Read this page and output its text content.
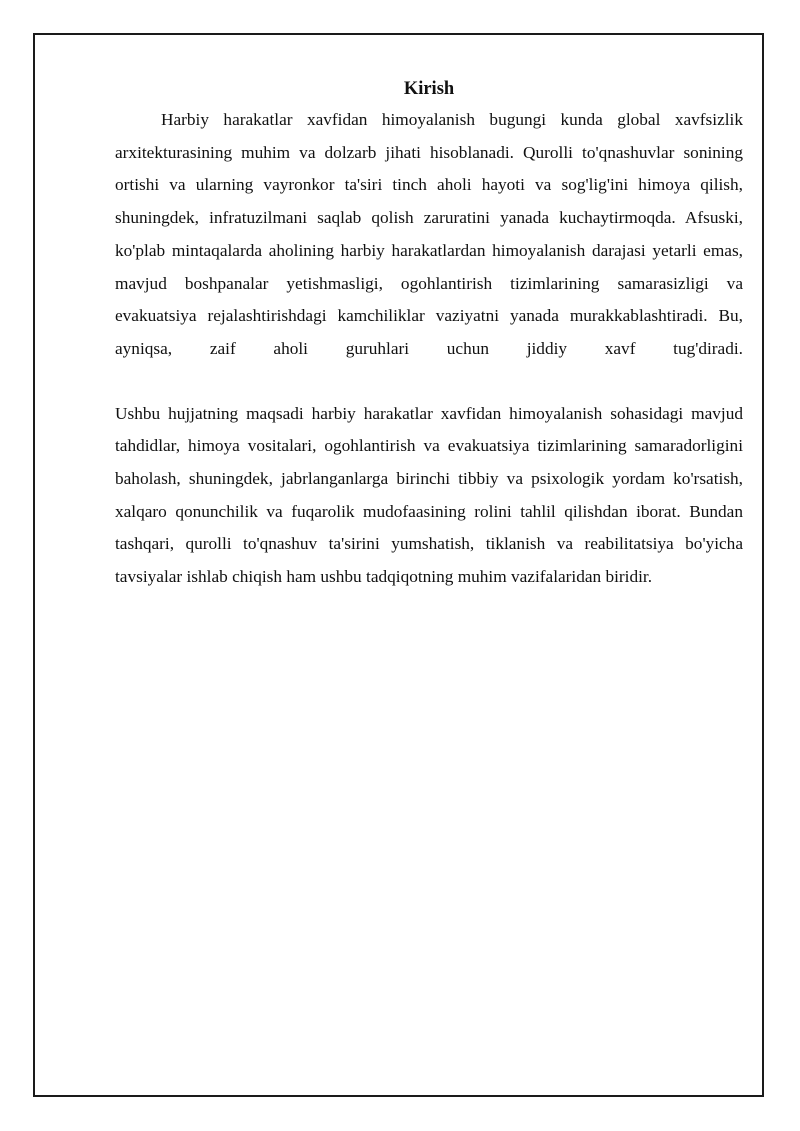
Kirish

Harbiy harakatlar xavfidan himoyalanish bugungi kunda global xavfsizlik arxitekturasining muhim va dolzarb jihati hisoblanadi. Qurolli to'qnashuvlar sonining ortishi va ularning vayronkor ta'siri tinch aholi hayoti va sog'lig'ini himoya qilish, shuningdek, infratuzilmani saqlab qolish zaruratini yanada kuchaytirmoqda. Afsuski, ko'plab mintaqalarda aholining harbiy harakatlardan himoyalanish darajasi yetarli emas, mavjud boshpanalar yetishmasligi, ogohlantirish tizimlarining samarasizligi va evakuatsiya rejalashtirishdagi kamchiliklar vaziyatni yanada murakkablashtiradi. Bu, ayniqsa, zaif aholi guruhlari uchun jiddiy xavf tug'diradi.

Ushbu hujjatning maqsadi harbiy harakatlar xavfidan himoyalanish sohasidagi mavjud tahdidlar, himoya vositalari, ogohlantirish va evakuatsiya tizimlarining samaradorligini baholash, shuningdek, jabrlanganlarga birinchi tibbiy va psixologik yordam ko'rsatish, xalqaro qonunchilik va fuqarolik mudofaasining rolini tahlil qilishdan iborat. Bundan tashqari, qurolli to'qnashuv ta'sirini yumshatish, tiklanish va reabilitatsiya bo'yicha tavsiyalar ishlab chiqish ham ushbu tadqiqotning muhim vazifalaridan biridir.
